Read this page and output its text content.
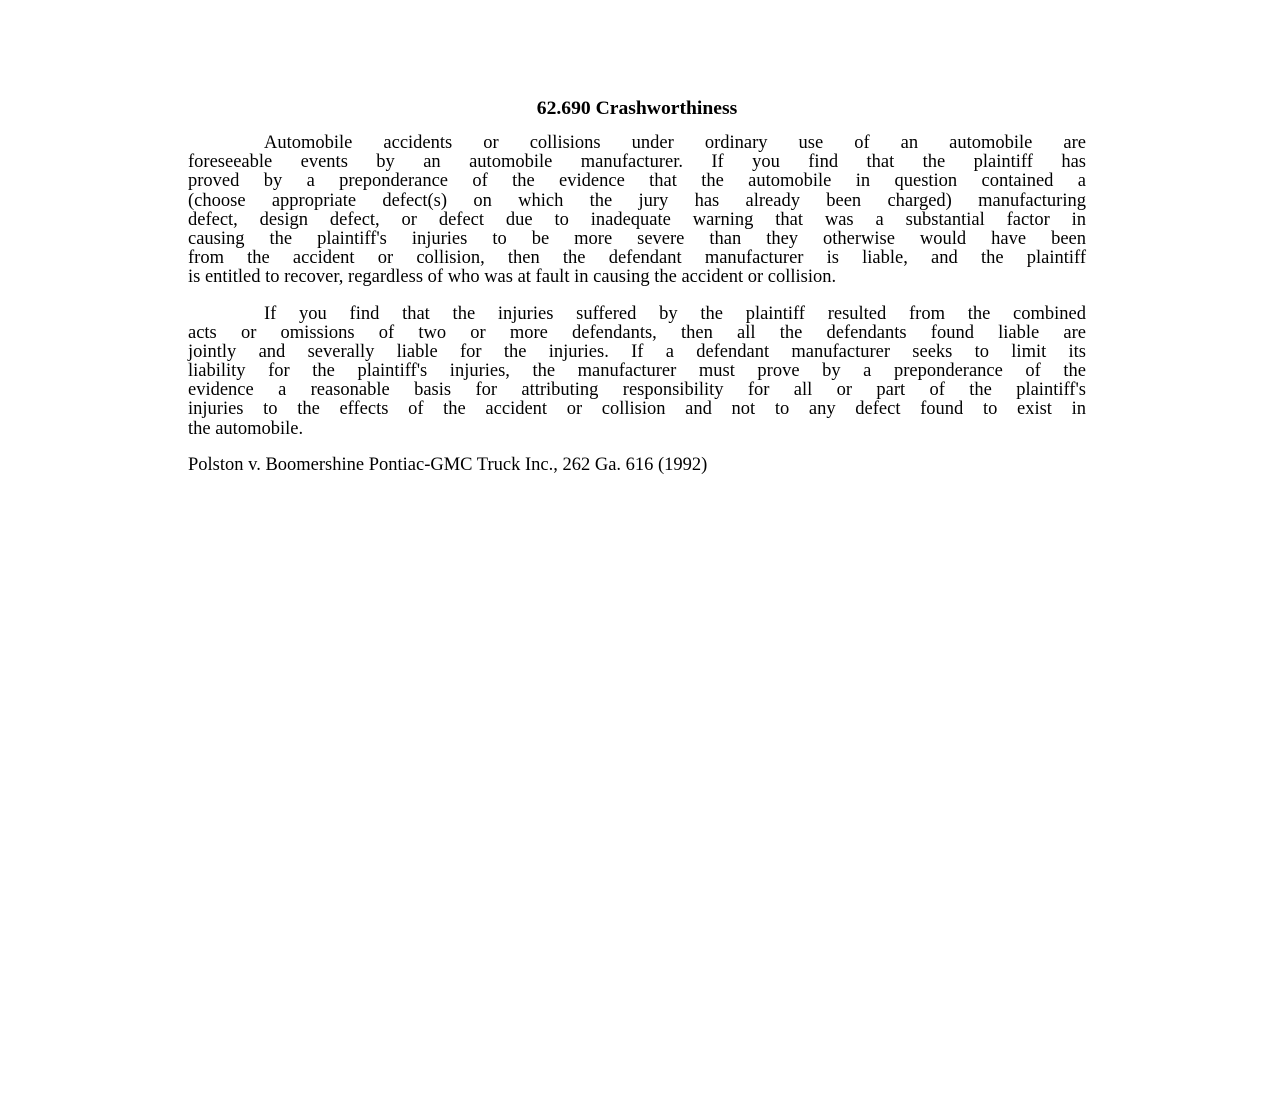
62.690 Crashworthiness
Automobile accidents or collisions under ordinary use of an automobile are
foreseeable events by an automobile manufacturer. If you find that the plaintiff has
proved by a preponderance of the evidence that the automobile in question contained a
(choose appropriate defect(s) on which the jury has already been charged) manufacturing
defect, design defect, or defect due to inadequate warning that was a substantial factor in
causing the plaintiff's injuries to be more severe than they otherwise would have been
from the accident or collision, then the defendant manufacturer is liable, and the plaintiff
is entitled to recover, regardless of who was at fault in causing the accident or collision.
If you find that the injuries suffered by the plaintiff resulted from the combined
acts or omissions of two or more defendants, then all the defendants found liable are
jointly and severally liable for the injuries. If a defendant manufacturer seeks to limit its
liability for the plaintiff's injuries, the manufacturer must prove by a preponderance of the
evidence a reasonable basis for attributing responsibility for all or part of the plaintiff's
injuries to the effects of the accident or collision and not to any defect found to exist in
the automobile.
Polston v. Boomershine Pontiac-GMC Truck Inc., 262 Ga. 616 (1992)
